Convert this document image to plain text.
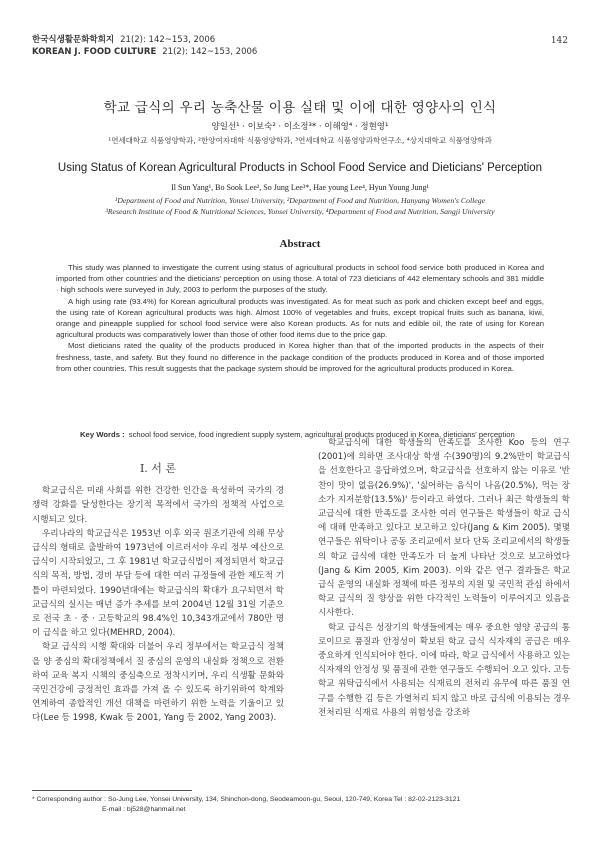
한국식생활문화학회지 21(2): 142~153, 2006
KOREAN J. FOOD CULTURE 21(2): 142~153, 2006
142
학교 급식의 우리 농축산물 이용 실태 및 이에 대한 영양사의 인식
양일선¹ · 이보숙² · 이소정³* · 이해영⁴ · 정현영¹
¹연세대학교 식품영양학과, ²한양여자대학 식품영양학과, ³연세대학교 식품영양과학연구소, ⁴상지대학교 식품영양학과
Using Status of Korean Agricultural Products in School Food Service and Dieticians' Perception
Il Sun Yang¹, Bo Sook Lee², So Jung Lee³*, Hae young Lee⁴, Hyun Young Jung¹
¹Department of Food and Nutrition, Yonsei University, ²Department of Food and Nutrition, Hanyang Women's College
³Research Institute of Food & Nutritional Sciences, Yonsei University, ⁴Department of Food and Nutrition, Sangji University
Abstract

This study was planned to investigate the current using status of agricultural products in school food service both produced in Korea and imported from other countries and the dieticians' perception on using those. A total of 723 dieticians of 442 elementary schools and 381 middle · high schools were surveyed in July, 2003 to perform the purposes of the study.

A high using rate (93.4%) for Korean agricultural products was investigated. As for meat such as pork and chicken except beef and eggs, the using rate of Korean agricultural products was high. Almost 100% of vegetables and fruits, except tropical fruits such as banana, kiwi, orange and pineapple supplied for school food service were also Korean products. As for nuts and edible oil, the rate of using for Korean agricultural products was comparatively lower than those of other food items due to the price gap.

Most dieticians rated the quality of the products produced in Korea higher than that of the imported products in the aspects of their freshness, taste, and safety. But they found no difference in the package condition of the products produced in Korea and of those imported from other countries. This result suggests that the package system should be improved for the agricultural products produced in Korea.

Key Words : school food service, food ingredient supply system, agricultural products produced in Korea, dieticians' perception

I. 서 론

학교급식은 미래 사회를 위한 건강한 인간을 육성하여 국가의 경쟁력 강화를 달성한다는 장기적 목적에서 국가의 정책적 사업으로 시행되고 있다.

우리나라의 학교급식은 1953년 이후 외국 원조기관에 의해 무상급식의 형태로 출발하여 1973년에 이르러서야 우리 정부 예산으로 급식이 시작되었고, 그 후 1981년 학교급식법이 제정되면서 학교급식의 목적, 방법, 경비 부담 등에 대한 여러 규정들에 관한 제도적 기틀이 마련되었다. 1990년대에는 학교급식의 확대가 요구되면서 학교급식의 실시는 매년 증가 추세를 보여 2004년 12월 31일 기준으로 전국 초 · 중 · 고등학교의 98.4%인 10,343개교에서 780만 명이 급식을 하고 있다(MEHRD, 2004).

학교 급식의 시행 확대와 더불어 우리 정부에서는 학교급식 정책을 양 중심의 확대정책에서 질 중심의 운영의 내실화 정책으로 전환하여 교육 복지 시책의 중심축으로 정착시키며, 우리 식생활 문화와 국민건강에 긍정적인 효과를 가져 올 수 있도록 하기위하여 학계와 연계하여 종합적인 개선 대책을 마련하기 위한 노력을 기울이고 있다(Lee 등 1998, Kwak 등 2001, Yang 등 2002, Yang 2003).

학교급식에 대한 학생들의 만족도를 조사한 Koo 등의 연구(2001)에 의하면 조사대상 학생 수(390명)의 9.2%만이 학교급식을 선호한다고 응답하였으며, 학교급식을 선호하지 않는 이유로 '반찬이 맛이 없음(26.9%)', '싫어하는 음식이 나옴(20.5%), 먹는 장소가 지저분함(13.5%)' 등이라고 하였다. 그러나 최근 학생들의 학교급식에 대한 만족도를 조사한 여러 연구들은 학생들이 학교 급식에 대해 만족하고 있다고 보고하고 있다(Jang & Kim 2005). 몇몇 연구들은 위탁이나 공동 조리교에서 보다 단독 조리교에서의 학생들의 학교 급식에 대한 만족도가 더 높게 나타난 것으로 보고하였다(Jang & Kim 2005, Kim 2003). 이와 같은 연구 결과들은 학교 급식 운영의 내실화 정책에 따른 정부의 지원 및 국민적 관심 하에서 학교 급식의 질 향상을 위한 다각적인 노력들이 이루어지고 있음을 시사한다.

학교 급식은 성장기의 학생들에게는 매우 중요한 영양 공급의 통로이므로 품질과 안정성이 확보된 학교 급식 식자재의 공급은 매우 중요하게 인식되어야 한다. 이에 따라, 학교 급식에서 사용하고 있는 식자재의 안정성 및 품질에 관한 연구들도 수행되어 오고 있다. 고등학교 위탁급식에서 사용되는 식재료의 전처리 유무에 따른 품질 연구를 수행한 김 등은 가열처리 되지 않고 바로 급식에 이용되는 경우 전처리된 식재료 사용의 위험성을 강조하

* Corresponding author : So-Jung Lee, Yonsei University, 134, Shinchon-dong, Seodeamoon-gu, Seoul, 120-749, Korea Tel : 82-02-2123-3121
E-mail : bj528@hanmail.net
